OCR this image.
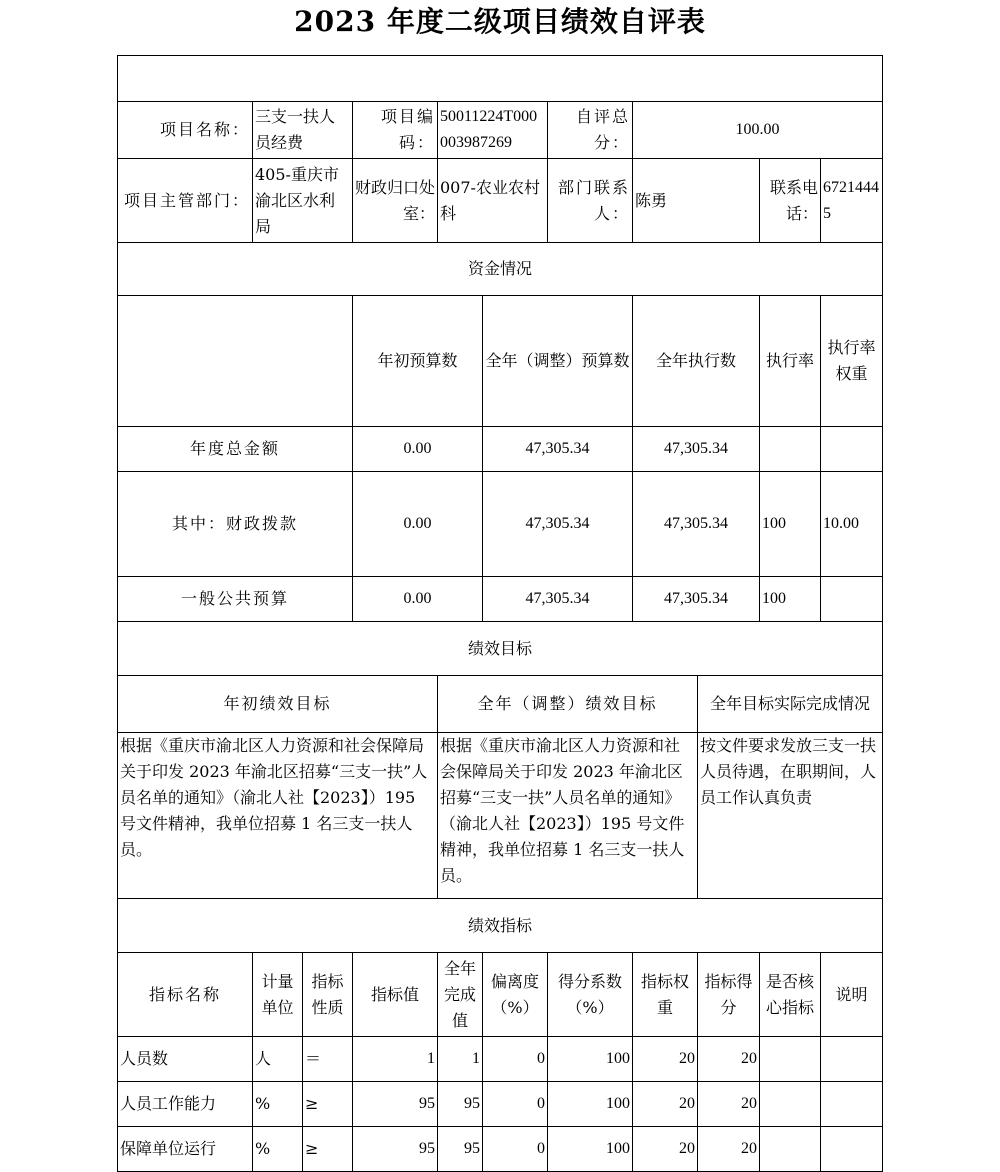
2023 年度二级项目绩效自评表

项目名称：	三支一扶人员经费		项目编码：	50011224T000003987269		自评总分：	100.00				
项目主管部门：	405-重庆市渝北区水利局		财政归口处室：	007-农业农村科		部门联系人：	陈勇		联系电话：	67214445	
资金情况											
			年初预算数		全年（调整）预算数		全年执行数		执行率	执行率权重	
年度总金额			0.00		47,305.34		47,305.34				
其中：财政拨款			0.00		47,305.34		47,305.34		100	10.00	
一般公共预算			0.00		47,305.34		47,305.34		100		
绩效目标											
年初绩效目标				全年（调整）绩效目标				全年目标实际完成情况			
根据《重庆市渝北区人力资源和社会保障局关于印发 2023 年渝北区招募“三支一扶”人员名单的通知》（渝北人社【2023】）195 号文件精神，我单位招募 1 名三支一扶人员。				根据《重庆市渝北区人力资源和社会保障局关于印发 2023 年渝北区招募“三支一扶”人员名单的通知》（渝北人社【2023】）195 号文件精神，我单位招募 1 名三支一扶人员。				按文件要求发放三支一扶人员待遇，在职期间，人员工作认真负责			
绩效指标											
指标名称	计量单位	指标性质	指标值	全年完成值	偏离度（%）	得分系数（%）	指标权重	指标得分	是否核心指标	说明	
人员数	人	＝	1	1	0	100	20	20			
人员工作能力	%	≥	95	95	0	100	20	20			
保障单位运行	%	≥	95	95	0	100	20	20			
